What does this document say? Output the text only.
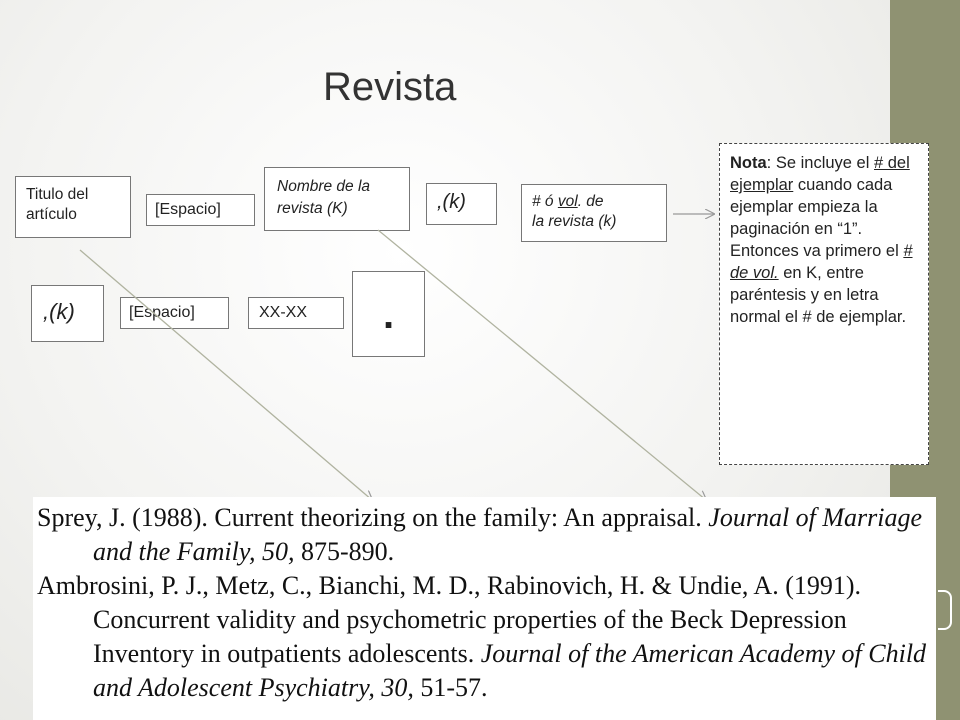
Revista
Titulo del artículo	[Espacio]
Nombre de la revista (K)	,(k)	# ó vol. de
la revista (k)
,(k)	[Espacio]	XX-XX	.
Nota: Se incluye el # del ejemplar cuando cada ejemplar empieza la paginación en “1”. Entonces va primero el # de vol. en K, entre paréntesis y en letra normal el # de ejemplar.

Sprey, J. (1988). Current theorizing on the family: An appraisal. Journal of Marriage and the Family, 50, 875-890.

Ambrosini, P. J., Metz, C., Bianchi, M. D., Rabinovich, H. & Undie, A. (1991). Concurrent validity and psychometric properties of the Beck Depression Inventory in outpatients adolescents. Journal of the American Academy of Child and Adolescent Psychiatry, 30, 51-57.
